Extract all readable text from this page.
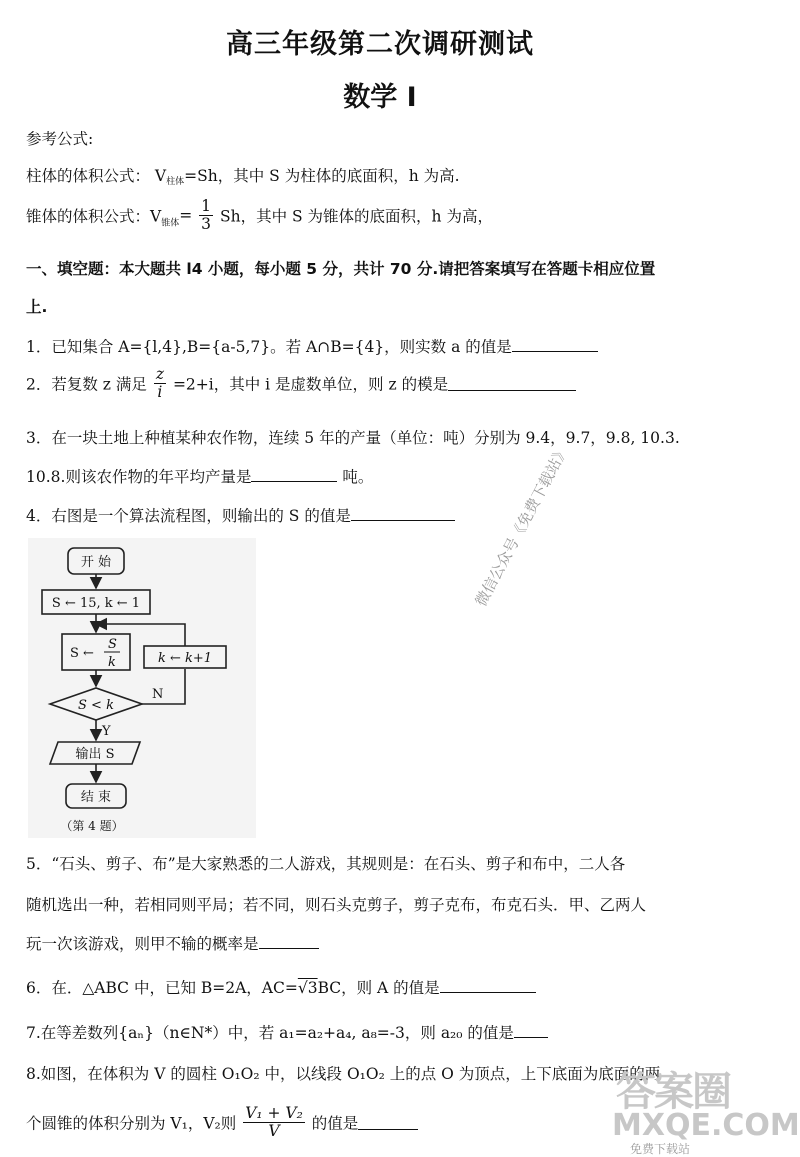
高三年级第二次调研测试
数学 I
参考公式:
柱体的体积公式： $V_{柱体}=Sh$，其中 S 为柱体的底面积，h 为高.
锥体的体积公式：$V_{锥体}= \frac{1}{3}$ Sh，其中 S 为锥体的底面积，h 为高，
一、填空题：本大题共 l4 小题，每小题 5 分，共计 70 分.请把答案填写在答题卡相应位置
上.
1．已知集合 A={l,4},B={a-5,7}。若 A∩B={4}，则实数 a 的值是
2．若复数 z 满足 $\frac{z}{i} =2+i$，其中 i 是虚数单位，则 z 的模是
3．在一块土地上种植某种农作物，连续 5 年的产量（单位：吨）分别为 9.4，9.7，9.8, 10.3.
10.8.则该农作物的年平均产量是	吨。
4．右图是一个算法流程图，则输出的 S 的值是
开 始
S ← 15, k ← 1
S ←
S
k	k ← k+1
S < k
N
Y
输出 S
结 束
（第 4 题）
微信公众号《免费下载站》
5．“石头、剪子、布”是大家熟悉的二人游戏，其规则是：在石头、剪子和布中，二人各
随机选出一种，若相同则平局；若不同，则石头克剪子，剪子克布，布克石头．甲、乙两人
玩一次该游戏，则甲不输的概率是
6．在．△ABC 中，已知 B=2A，AC=√3BC，则 A 的值是
7.在等差数列{aₙ}（n∈N*）中，若 a₁=a₂+a₄, a₈=-3，则 a₂₀ 的值是
8.如图，在体积为 V 的圆柱 O₁O₂ 中，以线段 O₁O₂ 上的点 O 为顶点，上下底面为底面的两
个圆锥的体积分别为 V₁，V₂则 $\frac{\text{V₁ + V₂}}{V}$ 的值是
答案圈
MXQE.COM
免费下载站
